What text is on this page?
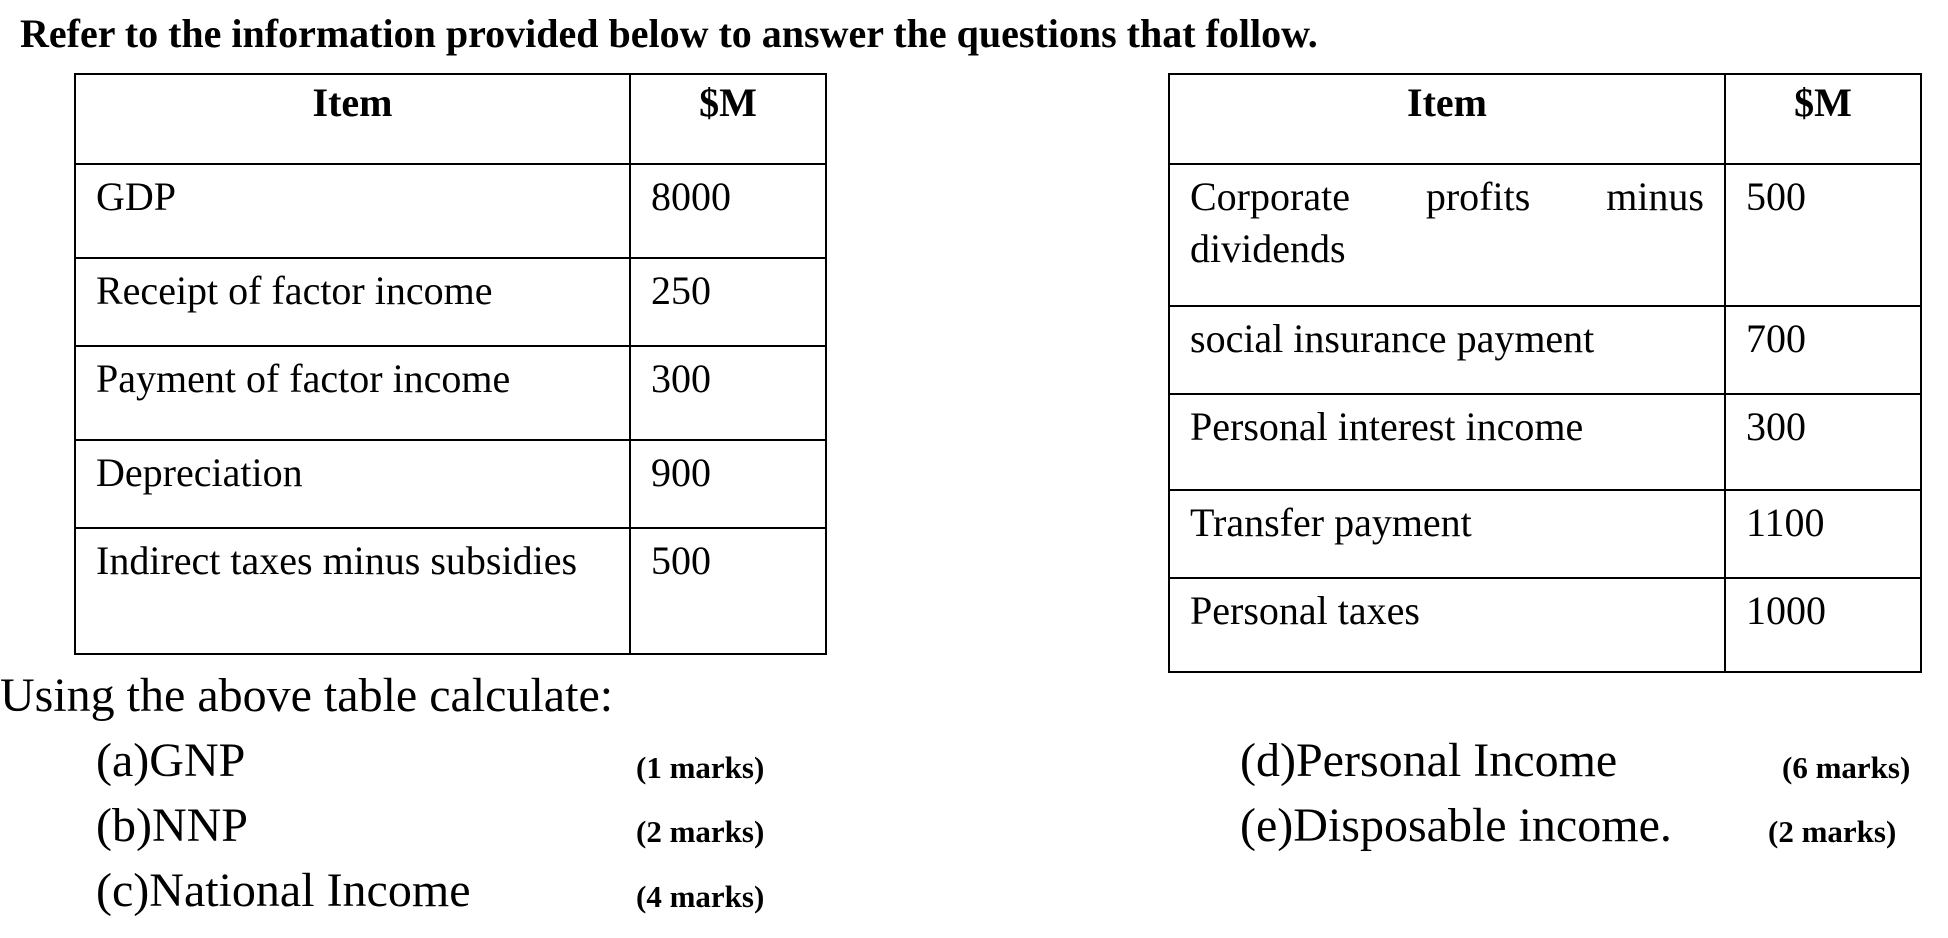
Refer to the information provided below to answer the questions that follow.
Item	$M
GDP	8000
Receipt of factor income	250
Payment of factor income	300
Depreciation	900
Indirect taxes minus subsidies	500
Item	$M
Corporate profits minus dividends	500
social insurance payment	700
Personal interest income	300
Transfer payment	1100
Personal taxes	1000
Using the above table calculate:
(a)GNP	(1 marks)
(b)NNP	(2 marks)
(c)National Income	(4 marks)
(d)Personal Income	(6 marks)
(e)Disposable income.	(2 marks)
